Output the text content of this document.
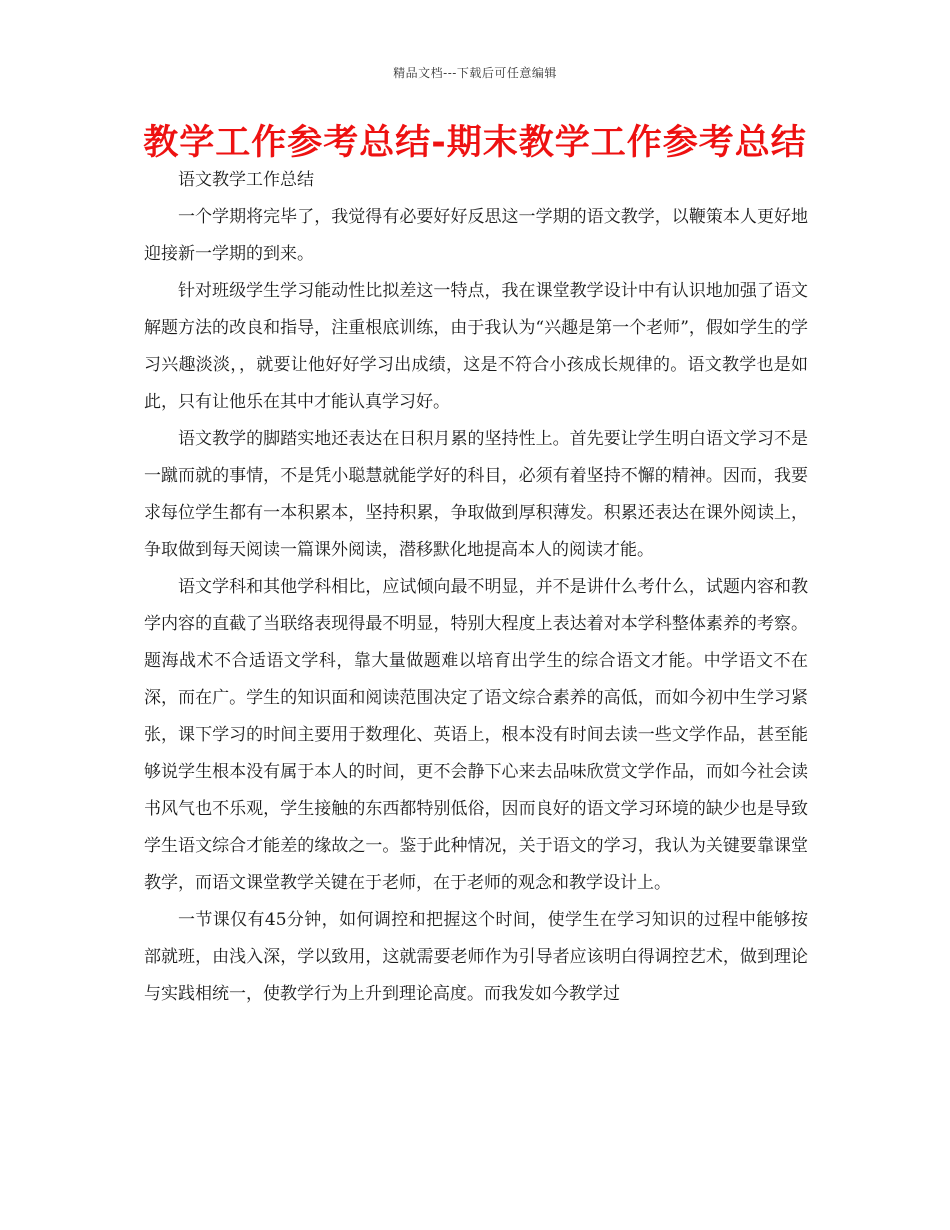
精品文档---下载后可任意编辑
教学工作参考总结-期末教学工作参考总结

语文教学工作总结

一个学期将完毕了，我觉得有必要好好反思这一学期的语文教学，以鞭策本人更好地迎接新一学期的到来。

针对班级学生学习能动性比拟差这一特点，我在课堂教学设计中有认识地加强了语文解题方法的改良和指导，注重根底训练，由于我认为“兴趣是第一个老师”，假如学生的学习兴趣淡淡，，就要让他好好学习出成绩，这是不符合小孩成长规律的。语文教学也是如此，只有让他乐在其中才能认真学习好。

语文教学的脚踏实地还表达在日积月累的坚持性上。首先要让学生明白语文学习不是一蹴而就的事情，不是凭小聪慧就能学好的科目，必须有着坚持不懈的精神。因而，我要求每位学生都有一本积累本，坚持积累，争取做到厚积薄发。积累还表达在课外阅读上，争取做到每天阅读一篇课外阅读，潜移默化地提高本人的阅读才能。

语文学科和其他学科相比，应试倾向最不明显，并不是讲什么考什么，试题内容和教学内容的直截了当联络表现得最不明显，特别大程度上表达着对本学科整体素养的考察。题海战术不合适语文学科，靠大量做题难以培育出学生的综合语文才能。中学语文不在深，而在广。学生的知识面和阅读范围决定了语文综合素养的高低，而如今初中生学习紧张，课下学习的时间主要用于数理化、英语上，根本没有时间去读一些文学作品，甚至能够说学生根本没有属于本人的时间，更不会静下心来去品味欣赏文学作品，而如今社会读书风气也不乐观，学生接触的东西都特别低俗，因而良好的语文学习环境的缺少也是导致学生语文综合才能差的缘故之一。鉴于此种情况，关于语文的学习，我认为关键要靠课堂教学，而语文课堂教学关键在于老师，在于老师的观念和教学设计上。

一节课仅有45分钟，如何调控和把握这个时间，使学生在学习知识的过程中能够按部就班，由浅入深，学以致用，这就需要老师作为引导者应该明白得调控艺术，做到理论与实践相统一，使教学行为上升到理论高度。而我发如今教学过
